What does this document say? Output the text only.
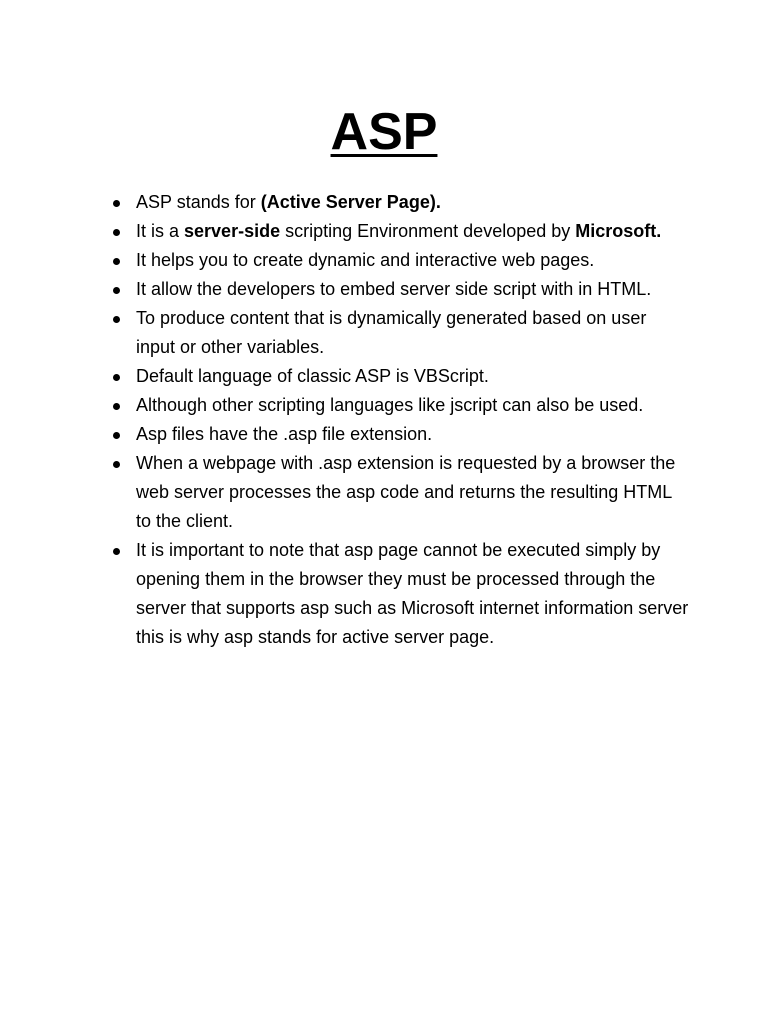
ASP
ASP stands for (Active Server Page).
It is a server-side scripting Environment developed by Microsoft.
It helps you to create dynamic and interactive web pages.
It allow the developers to embed server side script with in HTML.
To produce content that is dynamically generated based on user input or other variables.
Default language of classic ASP is VBScript.
Although other scripting languages like jscript can also be used.
Asp files have the .asp file extension.
When a webpage with .asp extension is requested by a browser the web server processes the asp code and returns the resulting HTML to the client.
It is important to note that asp page cannot be executed simply by opening them in the browser they must be processed through the server that supports asp such as Microsoft internet information server this is why asp stands for active server page.
